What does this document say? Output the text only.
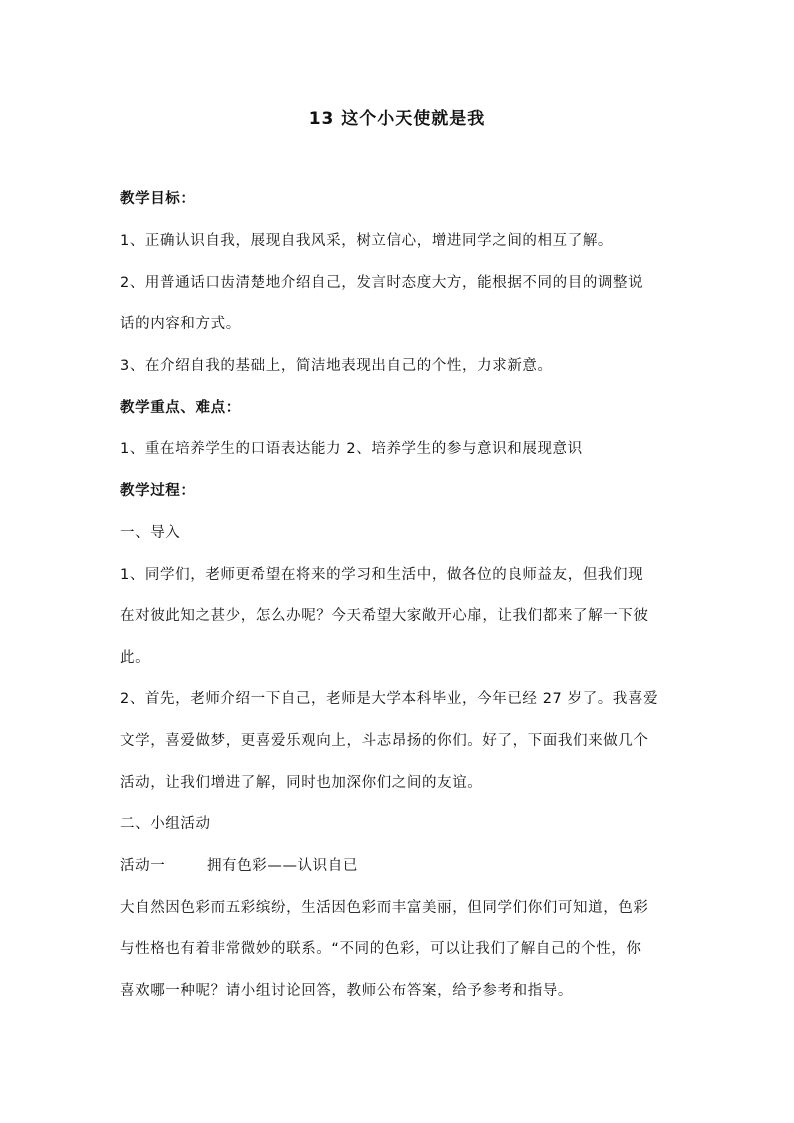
13 这个小天使就是我
教学目标：
1、正确认识自我，展现自我风采，树立信心，增进同学之间的相互了解。
2、用普通话口齿清楚地介绍自己，发言时态度大方，能根据不同的目的调整说
话的内容和方式。
3、在介绍自我的基础上，简洁地表现出自己的个性，力求新意。
教学重点、难点：
1、重在培养学生的口语表达能力 2、培养学生的参与意识和展现意识
教学过程：
一、导入
1、同学们，老师更希望在将来的学习和生活中，做各位的良师益友，但我们现
在对彼此知之甚少，怎么办呢？今天希望大家敞开心扉，让我们都来了解一下彼
此。
2、首先，老师介绍一下自己，老师是大学本科毕业，今年已经 27 岁了。我喜爱
文学，喜爱做梦，更喜爱乐观向上，斗志昂扬的你们。好了，下面我们来做几个
活动，让我们增进了解，同时也加深你们之间的友谊。
二、小组活动
活动一        拥有色彩——认识自已
大自然因色彩而五彩缤纷，生活因色彩而丰富美丽，但同学们你们可知道，色彩
与性格也有着非常微妙的联系。“不同的色彩，可以让我们了解自己的个性，你
喜欢哪一种呢？请小组讨论回答，教师公布答案，给予参考和指导。
